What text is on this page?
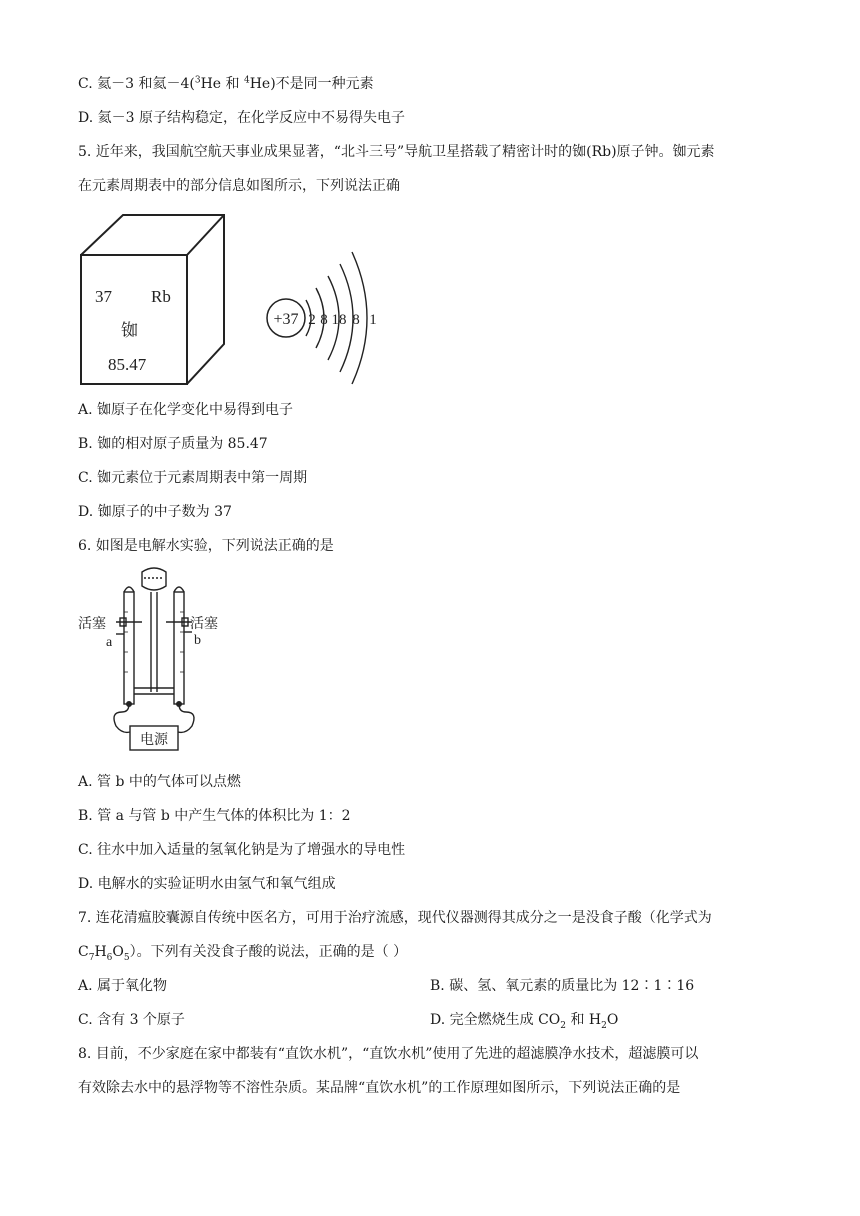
C. 氦－3 和氦－4($^3$He 和 $^4$He)不是同一种元素
D. 氦－3 原子结构稳定，在化学反应中不易得失电子
5. 近年来，我国航空航天事业成果显著，“北斗三号”导航卫星搭载了精密计时的铷(Rb)原子钟。铷元素
在元素周期表中的部分信息如图所示，下列说法正确
37 Rb
铷
85.47
+37 2 8 18 8 1
A. 铷原子在化学变化中易得到电子
B. 铷的相对原子质量为 85.47
C. 铷元素位于元素周期表中第一周期
D. 铷原子的中子数为 37
6. 如图是电解水实验，下列说法正确的是
活塞	活塞
a	b
电源
A. 管 b 中的气体可以点燃
B. 管 a 与管 b 中产生气体的体积比为 1：2
C. 往水中加入适量的氢氧化钠是为了增强水的导电性
D. 电解水的实验证明水由氢气和氧气组成
7. 连花清瘟胶囊源自传统中医名方，可用于治疗流感，现代仪器测得其成分之一是没食子酸（化学式为
$C_7H_6O_5$）。下列有关没食子酸的说法，正确的是（ ）
A. 属于氧化物	B. 碳、氢、氧元素的质量比为 12∶1∶16
C. 含有 3 个原子	D. 完全燃烧生成 $CO_2$ 和 $H_2O$
8. 目前，不少家庭在家中都装有“直饮水机”，“直饮水机”使用了先进的超滤膜净水技术，超滤膜可以
有效除去水中的悬浮物等不溶性杂质。某品牌“直饮水机”的工作原理如图所示，下列说法正确的是
